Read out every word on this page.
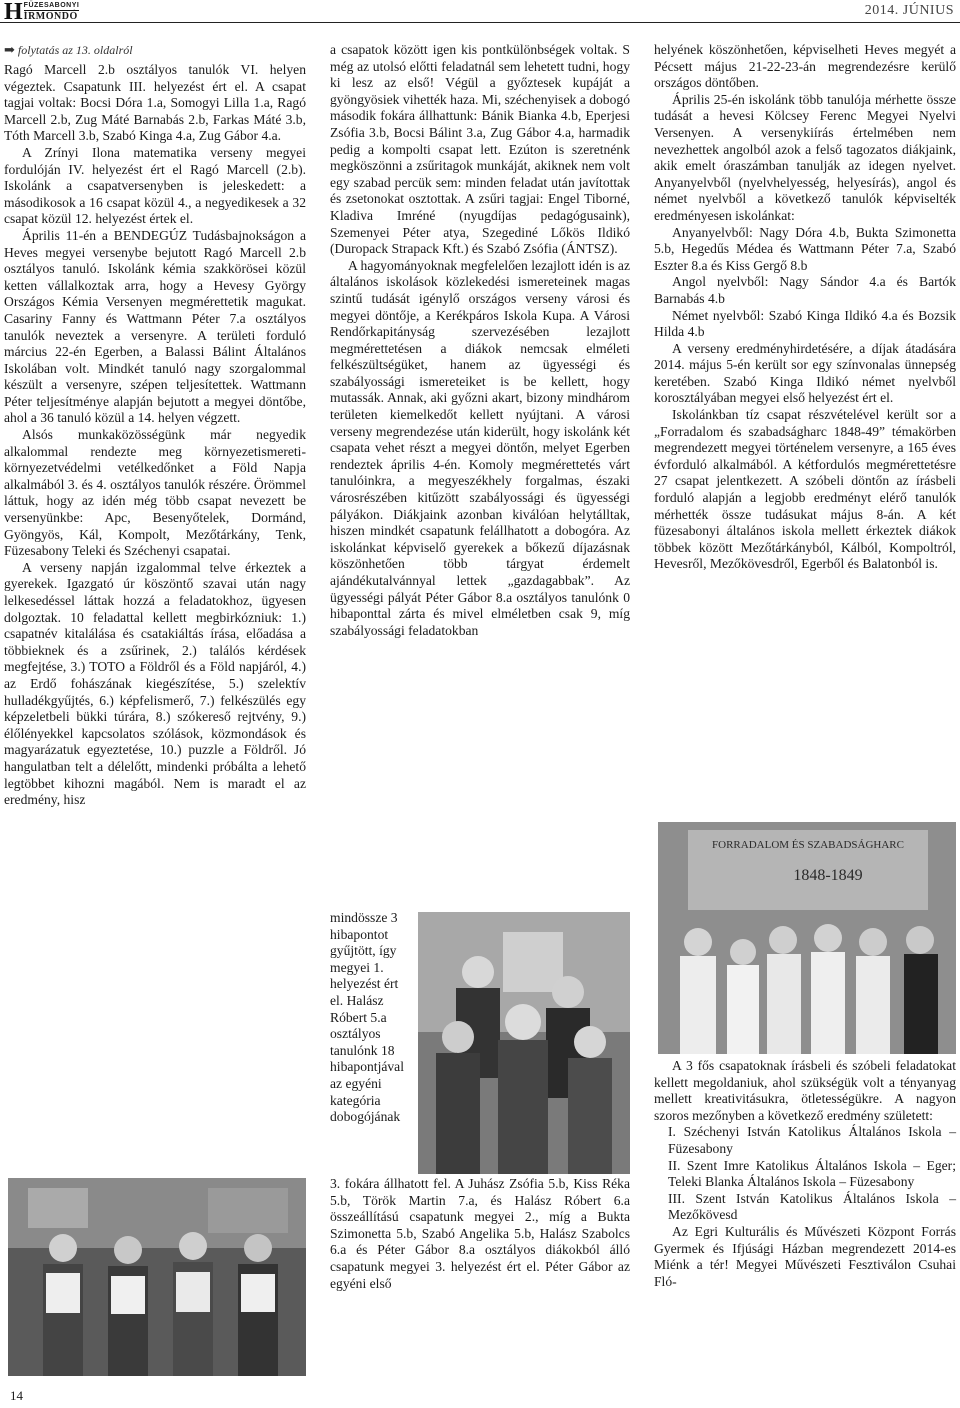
H FÜZESABONYI
ÍRMONDÓ	2014. JÚNIUS
➡ folytatás az 13. oldalról

Ragó Marcell 2.b osztályos tanulók VI. helyen végeztek. Csapatunk III. helyezést ért el. A csapat tagjai voltak: Bocsi Dóra 1.a, Somogyi Lilla 1.a, Ragó Marcell 2.b, Zug Máté Barnabás 2.b, Farkas Máté 3.b, Tóth Marcell 3.b, Szabó Kinga 4.a, Zug Gábor 4.a.

A Zrínyi Ilona matematika verseny megyei fordulóján IV. helyezést ért el Ragó Marcell (2.b). Iskolánk a csapatversenyben is jeleskedett: a másodikosok a 16 csapat közül 4., a negyedikesek a 32 csapat közül 12. helyezést értek el.

Április 11-én a BENDEGÚZ Tudásbajnokságon a Heves megyei versenybe bejutott Ragó Marcell 2.b osztályos tanuló. Iskolánk kémia szakkörösei közül ketten vállalkoztak arra, hogy a Hevesy György Országos Kémia Versenyen megmérettetik magukat. Casariny Fanny és Wattmann Péter 7.a osztályos tanulók neveztek a versenyre. A területi forduló március 22-én Egerben, a Balassi Bálint Általános Iskolában volt. Mindkét tanuló nagy szorgalommal készült a versenyre, szépen teljesítettek. Wattmann Péter teljesítménye alapján bejutott a megyei döntőbe, ahol a 36 tanuló közül a 14. helyen végzett.

Alsós munkaközösségünk már negyedik alkalommal rendezte meg környezetismereti-környezetvédelmi vetélkedőnket a Föld Napja alkalmából 3. és 4. osztályos tanulók részére. Örömmel láttuk, hogy az idén még több csapat nevezett be versenyünkbe: Apc, Besenyőtelek, Dormánd, Gyöngyös, Kál, Kompolt, Mezőtárkány, Tenk, Füzesabony Teleki és Széchenyi csapatai.

A verseny napján izgalommal telve érkeztek a gyerekek. Igazgató úr köszöntő szavai után nagy lelkesedéssel láttak hozzá a feladatokhoz, ügyesen dolgoztak. 10 feladattal kellett megbirkózniuk: 1.) csapatnév kitalálása és csatakiáltás írása, előadása a többieknek és a zsűrinek, 2.) találós kérdések megfejtése, 3.) TOTO a Földről és a Föld napjáról, 4.) az Erdő fohászának kiegészítése, 5.) szelektív hulladékgyűjtés, 6.) képfelismerő, 7.) felkészülés egy képzeletbeli bükki túrára, 8.) szókereső rejtvény, 9.) élőlényekkel kapcsolatos szólások, közmondások és magyarázatuk egyeztetése, 10.) puzzle a Földről. Jó hangulatban telt a délelőtt, mindenki próbálta a lehető legtöbbet kihozni magából. Nem is maradt el az eredmény, hisz

14

a csapatok között igen kis pontkülönbségek voltak. S még az utolsó előtti feladatnál sem lehetett tudni, hogy ki lesz az első! Végül a győztesek kupáját a gyöngyösiek vihették haza. Mi, széchenyisek a dobogó második fokára állhattunk: Bánik Bianka 4.b, Eperjesi Zsófia 3.b, Bocsi Bálint 3.a, Zug Gábor 4.a, harmadik pedig a kompolti csapat lett. Ezúton is szeretnénk megköszönni a zsűritagok munkáját, akiknek nem volt egy szabad percük sem: minden feladat után javítottak és zsetonokat osztottak. A zsűri tagjai: Engel Tiborné, Kladiva Imréné (nyugdíjas pedagógusaink), Szemenyei Péter atya, Szegediné Lőkös Ildikó (Duropack Strapack Kft.) és Szabó Zsófia (ÁNTSZ).

A hagyományoknak megfelelően lezajlott idén is az általános iskolások közlekedési ismereteinek magas szintű tudását igénylő országos verseny városi és megyei döntője, a Kerékpáros Iskola Kupa. A Városi Rendőrkapitányság szervezésében lezajlott megmérettetésen a diákok nemcsak elméleti felkészültségüket, hanem az ügyességi és szabályossági ismereteiket is be kellett, hogy mutassák. Annak, aki győzni akart, bizony mindhárom területen kiemelkedőt kellett nyújtani. A városi verseny megrendezése után kiderült, hogy iskolánk két csapata vehet részt a megyei döntőn, melyet Egerben rendeztek április 4-én. Komoly megmérettetés várt tanulóinkra, a megyeszékhely forgalmas, északi városrészében kitűzött szabályossági és ügyességi pályákon. Diákjaink azonban kiválóan helytálltak, hiszen mindkét csapatunk felállhatott a dobogóra. Az iskolánkat képviselő gyerekek a bőkezű díjazásnak köszönhetően több tárgyat érdemelt ajándékutalvánnyal lettek „gazdagabbak”. Az ügyességi pályát Péter Gábor 8.a osztályos tanulónk 0 hibaponttal zárta és mivel elméletben csak 9, míg szabályossági feladatokban

mindössze 3 hibapontot gyűjtött, így megyei 1. helyezést ért el. Halász Róbert 5.a osztályos tanulónk 18 hibapontjával az egyéni kategória dobogójának

3. fokára állhatott fel. A Juhász Zsófia 5.b, Kiss Réka 5.b, Török Martin 7.a, és Halász Róbert 6.a összeállítású csapatunk megyei 2., míg a Bukta Szimonetta 5.b, Szabó Angelika 5.b, Halász Szabolcs 6.a és Péter Gábor 8.a osztályos diákokból álló csapatunk megyei 3. helyezést ért el. Péter Gábor az egyéni első

helyének köszönhetően, képviselheti Heves megyét a Pécsett május 21-22-23-án megrendezésre kerülő országos döntőben.

Április 25-én iskolánk több tanulója mérhette össze tudását a hevesi Kölcsey Ferenc Megyei Nyelvi Versenyen. A versenykiírás értelmében nem nevezhettek angolból azok a felső tagozatos diákjaink, akik emelt óraszámban tanulják az idegen nyelvet. Anyanyelvből (nyelvhelyesség, helyesírás), angol és német nyelvből a következő tanulók képviselték eredményesen iskolánkat:

Anyanyelvből: Nagy Dóra 4.b, Bukta Szimonetta 5.b, Hegedűs Médea és Wattmann Péter 7.a, Szabó Eszter 8.a és Kiss Gergő 8.b

Angol nyelvből: Nagy Sándor 4.a és Bartók Barnabás 4.b

Német nyelvből: Szabó Kinga Ildikó 4.a és Bozsik Hilda 4.b

A verseny eredményhirdetésére, a díjak átadására 2014. május 5-én került sor egy színvonalas ünnepség keretében. Szabó Kinga Ildikó német nyelvből korosztályában megyei első helyezést ért el.

Iskolánkban tíz csapat részvételével került sor a „Forradalom és szabadságharc 1848-49” témakörben megrendezett megyei történelem versenyre, a 165 éves évforduló alkalmából. A kétfordulós megmérettetésre 27 csapat jelentkezett. A szóbeli döntőn az írásbeli forduló alapján a legjobb eredményt elérő tanulók mérhették össze tudásukat május 8-án. A két füzesabonyi általános iskola mellett érkeztek diákok többek között Mezőtárkányból, Kálból, Kompoltról, Hevesről, Mezőkövesdről, Egerből és Balatonból is.

FORRADALOM ÉS SZABADSÁGHARC
1848-1849

A 3 fős csapatoknak írásbeli és szóbeli feladatokat kellett megoldaniuk, ahol szükségük volt a tényanyag mellett kreativitásukra, ötletességükre. A nagyon szoros mezőnyben a következő eredmény született:

I. Széchenyi István Katolikus Általános Iskola – Füzesabony

II. Szent Imre Katolikus Általános Iskola – Eger; Teleki Blanka Általános Iskola – Füzesabony

III. Szent István Katolikus Általános Iskola – Mezőkövesd

Az Egri Kulturális és Művészeti Központ Forrás Gyermek és Ifjúsági Házban megrendezett 2014-es Miénk a tér! Megyei Művészeti Fesztiválon Csuhai Fló-
